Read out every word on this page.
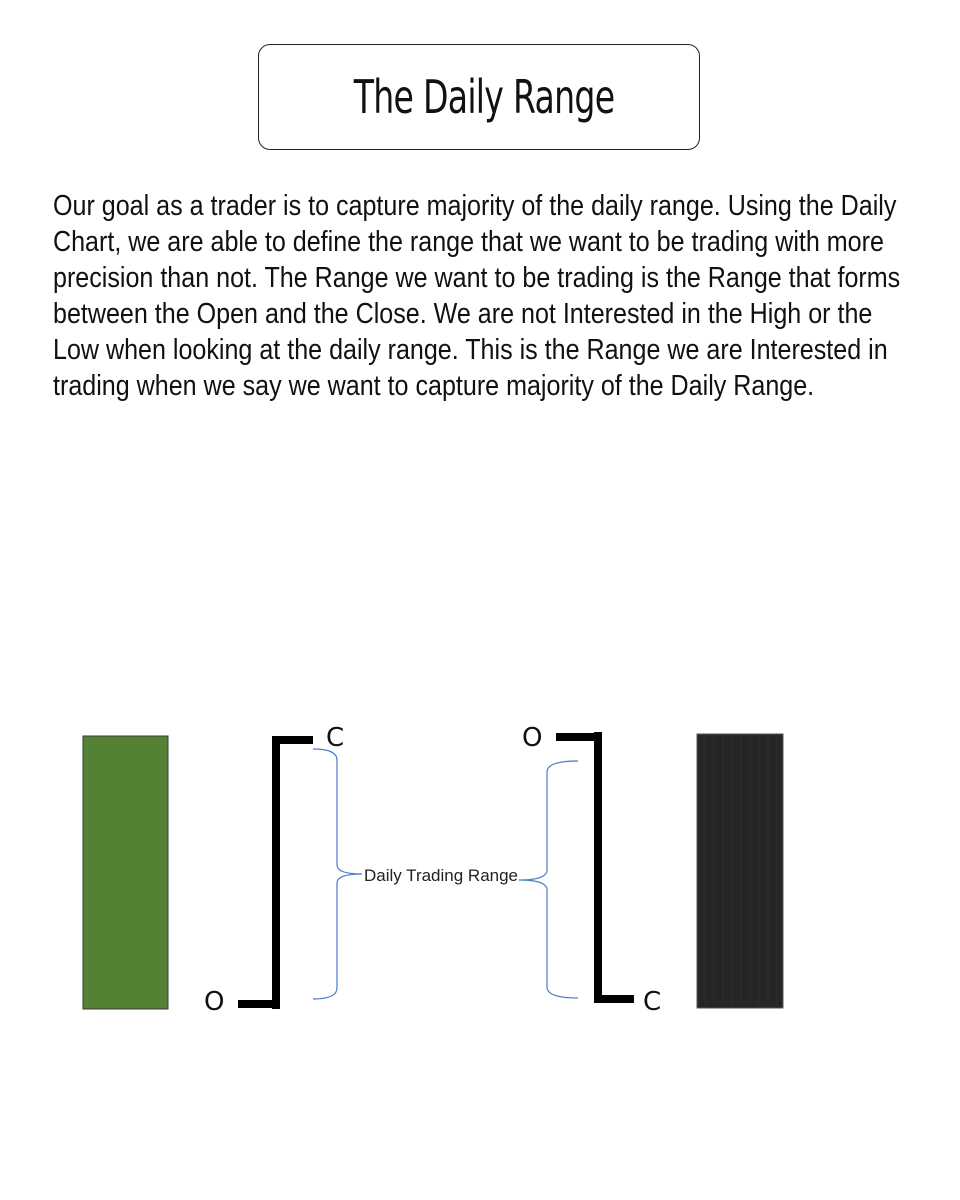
The Daily Range

Our goal as a trader is to capture majority of the daily range. Using the Daily Chart, we are able to define the range that we want to be trading with more precision than not. The Range we want to be trading is the Range that forms between the Open and the Close. We are not Interested in the High or the Low when looking at the daily range. This is the Range we are Interested in trading when we say we want to capture majority of the Daily Range.

O
C
Daily Trading Range
O
C
